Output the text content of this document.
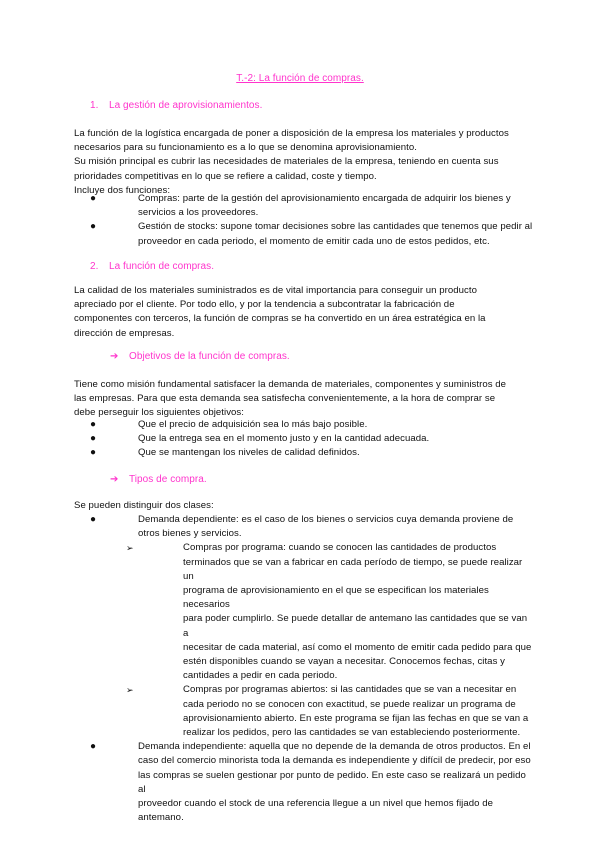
T.-2: La función de compras.
1. La gestión de aprovisionamientos.

La función de la logística encargada de poner a disposición de la empresa los materiales y productos

necesarios para su funcionamiento es a lo que se denomina aprovisionamiento.

Su misión principal es cubrir las necesidades de materiales de la empresa, teniendo en cuenta sus

prioridades competitivas en lo que se refiere a calidad, coste y tiempo.

Incluye dos funciones:

●	Compras: parte de la gestión del aprovisionamiento encargada de adquirir los bienes y
servicios a los proveedores.
●	Gestión de stocks: supone tomar decisiones sobre las cantidades que tenemos que pedir al
proveedor en cada periodo, el momento de emitir cada uno de estos pedidos, etc.
2. La función de compras.

La calidad de los materiales suministrados es de vital importancia para conseguir un producto

apreciado por el cliente. Por todo ello, y por la tendencia a subcontratar la fabricación de

componentes con terceros, la función de compras se ha convertido en un área estratégica en la

dirección de empresas.

➔ Objetivos de la función de compras.

Tiene como misión fundamental satisfacer la demanda de materiales, componentes y suministros de

las empresas. Para que esta demanda sea satisfecha convenientemente, a la hora de comprar se

debe perseguir los siguientes objetivos:

●	Que el precio de adquisición sea lo más bajo posible.
●	Que la entrega sea en el momento justo y en la cantidad adecuada.
●	Que se mantengan los niveles de calidad definidos.
➔ Tipos de compra.

Se pueden distinguir dos clases:

●	Demanda dependiente: es el caso de los bienes o servicios cuya demanda proviene de
otros bienes y servicios.
➢	Compras por programa: cuando se conocen las cantidades de productos
terminados que se van a fabricar en cada período de tiempo, se puede realizar un
programa de aprovisionamiento en el que se especifican los materiales necesarios
para poder cumplirlo. Se puede detallar de antemano las cantidades que se van a
necesitar de cada material, así como el momento de emitir cada pedido para que
estén disponibles cuando se vayan a necesitar. Conocemos fechas, citas y
cantidades a pedir en cada periodo.
➢	Compras por programas abiertos: si las cantidades que se van a necesitar en
cada periodo no se conocen con exactitud, se puede realizar un programa de
aprovisionamiento abierto. En este programa se fijan las fechas en que se van a
realizar los pedidos, pero las cantidades se van estableciendo posteriormente.
●	Demanda independiente: aquella que no depende de la demanda de otros productos. En el
caso del comercio minorista toda la demanda es independiente y difícil de predecir, por eso
las compras se suelen gestionar por punto de pedido. En este caso se realizará un pedido al
proveedor cuando el stock de una referencia llegue a un nivel que hemos fijado de
antemano.
